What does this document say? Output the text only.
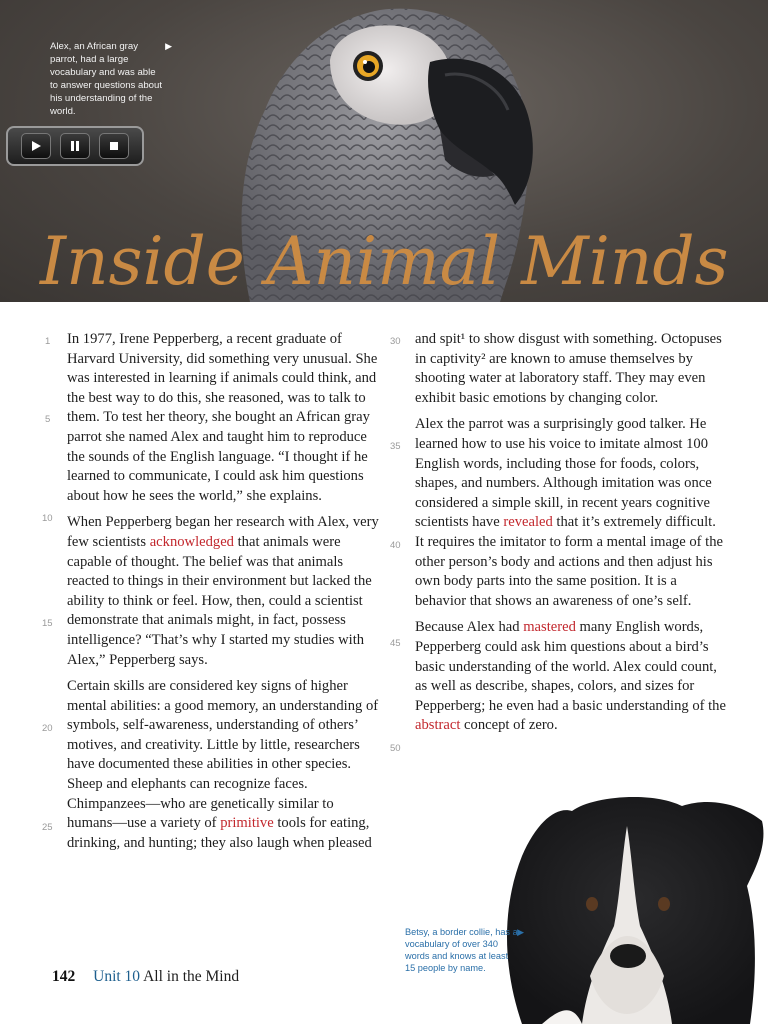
Alex, an African gray parrot, had a large vocabulary and was able to answer questions about his understanding of the world.
▶
Inside Animal Minds

In 1977, Irene Pepperberg, a recent graduate of Harvard University, did something very unusual. She was interested in learning if animals could think, and the best way to do this, she reasoned, was to talk to them. To test her theory, she bought an African gray parrot she named Alex and taught him to reproduce the sounds of the English language. “I thought if he learned to communicate, I could ask him questions about how he sees the world,” she explains.

When Pepperberg began her research with Alex, very few scientists acknowledged that animals were capable of thought. The belief was that animals reacted to things in their environment but lacked the ability to think or feel. How, then, could a scientist demonstrate that animals might, in fact, possess intelligence? “That’s why I started my studies with Alex,” Pepperberg says.

Certain skills are considered key signs of higher mental abilities: a good memory, an understanding of symbols, self-awareness, understanding of others’ motives, and creativity. Little by little, researchers have documented these abilities in other species. Sheep and elephants can recognize faces. Chimpanzees—who are genetically similar to humans—use a variety of primitive tools for eating, drinking, and hunting; they also laugh when pleased

1
5
10
15
20
25

and spit¹ to show disgust with something. Octopuses in captivity² are known to amuse themselves by shooting water at laboratory staff. They may even exhibit basic emotions by changing color.

Alex the parrot was a surprisingly good talker. He learned how to use his voice to imitate almost 100 English words, including those for foods, colors, shapes, and numbers. Although imitation was once considered a simple skill, in recent years cognitive scientists have revealed that it’s extremely difficult. It requires the imitator to form a mental image of the other person’s body and actions and then adjust his own body parts into the same position. It is a behavior that shows an awareness of one’s self.

Because Alex had mastered many English words, Pepperberg could ask him questions about a bird’s basic understanding of the world. Alex could count, as well as describe, shapes, colors, and sizes for Pepperberg; he even had a basic understanding of the abstract concept of zero.

30
35
40
45
50
Betsy, a border collie, has a vocabulary of over 340 words and knows at least 15 people by name.
▶
142 Unit 10 All in the Mind
